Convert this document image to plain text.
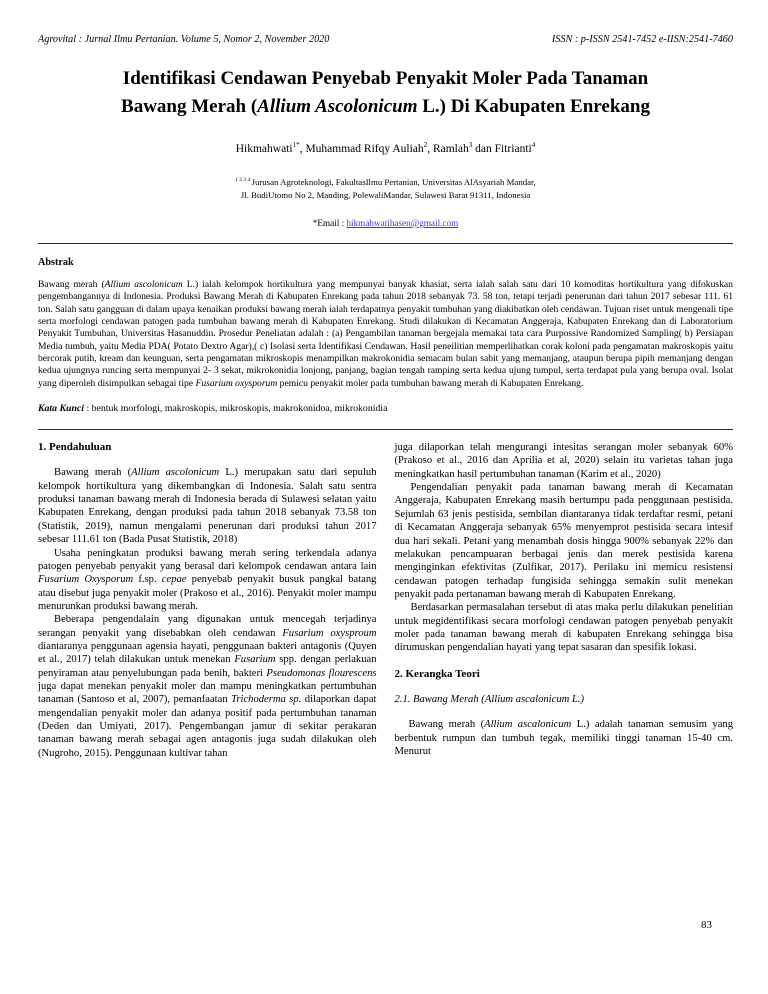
Agrovital : Jurnal Ilmu Pertanian. Volume 5, Nomor 2, November 2020	ISSN : p-ISSN 2541-7452 e-IISN:2541-7460
Identifikasi Cendawan Penyebab Penyakit Moler Pada Tanaman
Bawang Merah (Allium Ascolonicum L.) Di Kabupaten Enrekang
Hikmahwati$^{1*}$, Muhammad Rifqy Auliah$^2$, Ramlah$^3$ dan Fitrianti$^4$
$^{1 2 3 4}$ Jurusan Agroteknologi, FakultasIlmu Pertanian, Universitas AlAsyariah Mandar,
Jl. BudiUtomo No 2, Manding, PolewaliMandar, Sulawesi Barat 91311, Indonesia
*Email : hikmahwatihasen@gmail.com
Abstrak

Bawang merah (Allium ascolonicum L.) ialah kelompok hortikultura yang mempunyai banyak khasiat, serta ialah salah satu dari 10 komoditas hortikultura yang difokuskan pengembangannya di Indonesia. Produksi Bawang Merah di Kabupaten Enrekang pada tahun 2018 sebanyak 73. 58 ton, tetapi terjadi penerunan dari tahun 2017 sebesar 111. 61 ton. Salah satu gangguan di dalam upaya kenaikan produksi bawang merah ialah terdapatnya penyakit tumbuhan yang diakibatkan oleh cendawan. Tujuan riset untuk mengenali tipe serta morfologi cendawan patogen pada tumbuhan bawang merah di Kabupaten Enrekang. Studi dilakukan di Kecamatan Anggeraja, Kabupaten Enrekang dan di Laboratorium Penyakit Tumbuhan, Universitas Hasanuddin. Prosedur Peneliatan adalah : (a) Pengambilan tanaman bergejala memakai tata cara Purpossive Randomized Sampling( b) Persiapan Media tumbuh, yaitu Media PDA( Potato Dextro Agar),( c) Isolasi serta Identifikasi Cendawan. Hasil peneilitian memperlihatkan corak koloni pada pengamatan makroskopis yaitu bercorak putih, kream dan keunguan, serta pengamatan mikroskopis menampilkan makrokonidia semacam bulan sabit yang memanjang, ataupun berupa pipih memanjang dengan kedua ujungnya runcing serta mempunyai 2- 3 sekat, mikrokonidia lonjong, panjang, bagian tengah ramping serta kedua ujung tumpul, serta terdapat pula yang berupa oval. Isolat yang diperoleh disimpulkan sebagai tipe Fusarium oxysporum pemicu penyakit moler pada tumbuhan bawang merah di Kabupaten Enrekang.

Kata Kunci : bentuk morfologi, makroskopis, mikroskopis, makrokonidoa, mikrokonidia

1. Pendahuluan

Bawang merah (Allium ascolonicum L.) merupakan satu dari sepuluh kelompok hortikultura yang dikembangkan di Indonesia. Salah satu sentra produksi tanaman bawang merah di Indonesia berada di Sulawesi selatan yaitu Kabupaten Enrekang, dengan produksi pada tahun 2018 sebanyak 73.58 ton (Statistik, 2019), namun mengalami penerunan dari produksi tahun 2017 sebesar 111.61 ton (Bada Pusat Statistik, 2018)

Usaha peningkatan produksi bawang merah sering terkendala adanya patogen penyebab penyakit yang berasal dari kelompok cendawan antara lain Fusarium Oxysporum f.sp. cepae penyebab penyakit busuk pangkal batang atau disebut juga penyakit moler (Prakoso et al., 2016). Penyakit moler mampu menurunkan produksi bawang merah.

Beberapa pengendalain yang digunakan untuk mencegah terjadinya serangan penyakit yang disebabkan oleh cendawan Fusarium oxysproum diantaranya penggunaan agensia hayati, penggunaan bakteri antagonis (Quyen et al., 2017) telah dilakukan untuk menekan Fusarium spp. dengan perlakuan penyiraman atau penyelubungan pada benih, bakteri Pseudomonas flourescens juga dapat menekan penyakit moler dan mampu meningkatkan pertumbuhan tanaman (Santoso et al, 2007), pemanfaatan Trichoderma sp. dilaporkan dapat mengendalian penyakit moler dan adanya positif pada pertumbuhan tanaman (Deden dan Umiyati, 2017). Pengembangan jamur di sekitar perakaran tanaman bawang merah sebagai agen antagonis juga sudah dilakukan oleh (Nugroho, 2015). Penggunaan kultivar tahan

juga dilaporkan telah mengurangi intesitas serangan moler sebanyak 60% (Prakoso et al., 2016 dan Aprilia et al, 2020) selain itu varietas tahan juga meningkatkan hasil pertumbuhan tanaman (Karim et al., 2020)

Pengendalian penyakit pada tanaman bawang merah di Kecamatan Anggeraja, Kabupaten Enrekang masih bertumpu pada penggunaan pestisida. Sejumlah 63 jenis pestisida, sembilan diantaranya tidak terdaftar resmi, petani di Kecamatan Anggeraja sebanyak 65% menyemprot pestisida secara intesif dua hari sekali. Petani yang menambah dosis hingga 900% sebanyak 22% dan melakukan pencampuaran berbagai jenis dan merek pestisida karena menginginkan efektivitas (Zulfikar, 2017). Perilaku ini memicu resistensi cendawan patogen terhadap fungisida sehingga semakin sulit menekan penyakit pada pertanaman bawang merah di Kabupaten Enrekang.

Berdasarkan permasalahan tersebut di atas maka perlu dilakukan penelitian untuk megidentifikasi secara morfologi cendawan patogen penyebab penyakit moler pada tanaman bawang merah di kabupaten Enrekang sehingga bisa dirumuskan pengendalian hayati yang tepat sasaran dan spesifik lokasi.

2. Kerangka Teori
2.1. Bawang Merah (Allium ascalonicum L.)

Bawang merah (Allium ascalonicum L.) adalah tanaman semusim yang berbentuk rumpun dan tumbuh tegak, memiliki tinggi tanaman 15-40 cm. Menurut

83
